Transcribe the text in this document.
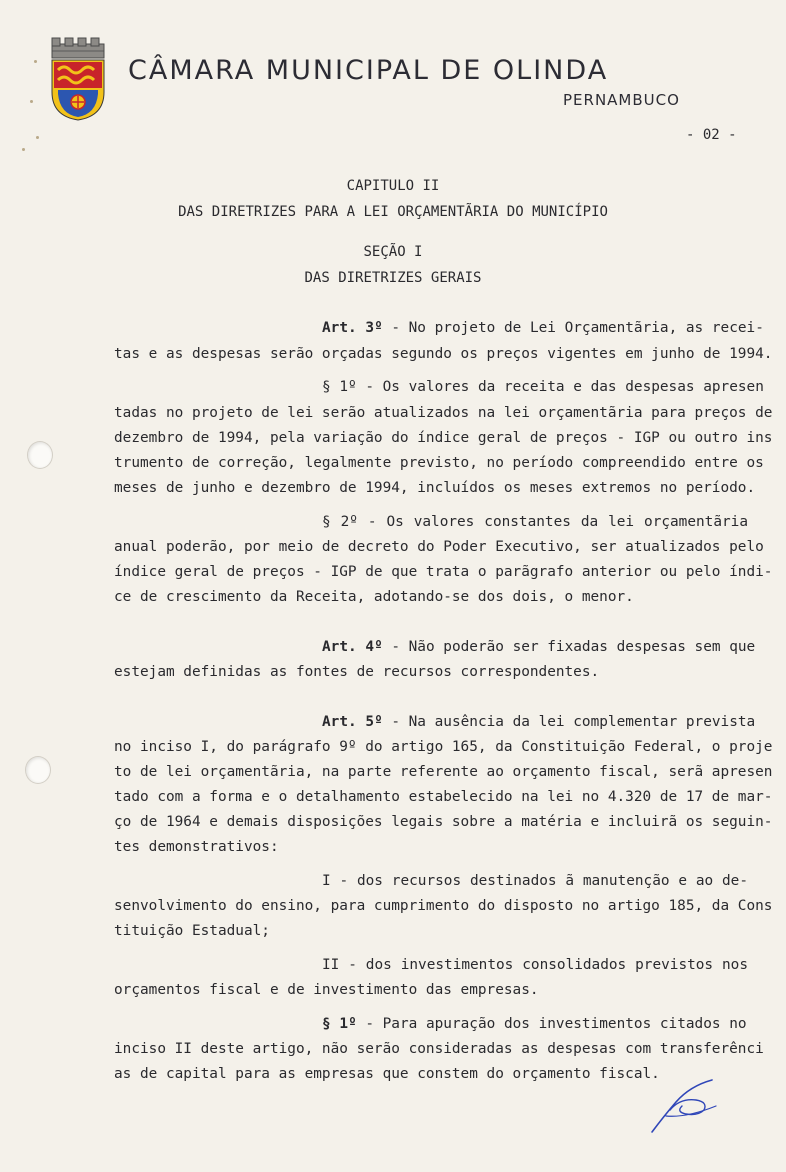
CÂMARA MUNICIPAL DE OLINDA
PERNAMBUCO
- 02 -
CAPITULO II
DAS DIRETRIZES PARA A LEI ORÇAMENTÃRIA DO MUNICÍPIO
SEÇÃO I
DAS DIRETRIZES GERAIS
Art. 3º - No projeto de Lei Orçamentãria, as recei-
tas e as despesas serão orçadas segundo os preços vigentes em junho de 1994.
§ 1º - Os valores da receita e das despesas apresen
tadas no projeto de lei serão atualizados na lei orçamentãria para preços de
dezembro de 1994, pela variação do índice geral de preços - IGP ou outro ins
trumento de correção, legalmente previsto, no período compreendido entre os
meses de junho e dezembro de 1994, incluídos os meses extremos no período.
§ 2º - Os valores constantes da lei orçamentãria
anual poderão, por meio de decreto do Poder Executivo, ser atualizados pelo
índice geral de preços - IGP de que trata o parãgrafo anterior ou pelo índi-
ce de crescimento da Receita, adotando-se dos dois, o menor.
Art. 4º - Não poderão ser fixadas despesas sem que
estejam definidas as fontes de recursos correspondentes.
Art. 5º - Na ausência da lei complementar prevista
no inciso I, do parágrafo 9º do artigo 165, da Constituição Federal, o proje
to de lei orçamentãria, na parte referente ao orçamento fiscal, serã apresen
tado com a forma e o detalhamento estabelecido na lei no 4.320 de 17 de mar-
ço de 1964 e demais disposições legais sobre a matéria e incluirã os seguin-
tes demonstrativos:
I - dos recursos destinados ã manutenção e ao de-
senvolvimento do ensino, para cumprimento do disposto no artigo 185, da Cons
tituição Estadual;
II - dos investimentos consolidados previstos nos
orçamentos fiscal e de investimento das empresas.
§ 1º - Para apuração dos investimentos citados no
inciso II deste artigo, não serão consideradas as despesas com transferênci
as de capital para as empresas que constem do orçamento fiscal.
